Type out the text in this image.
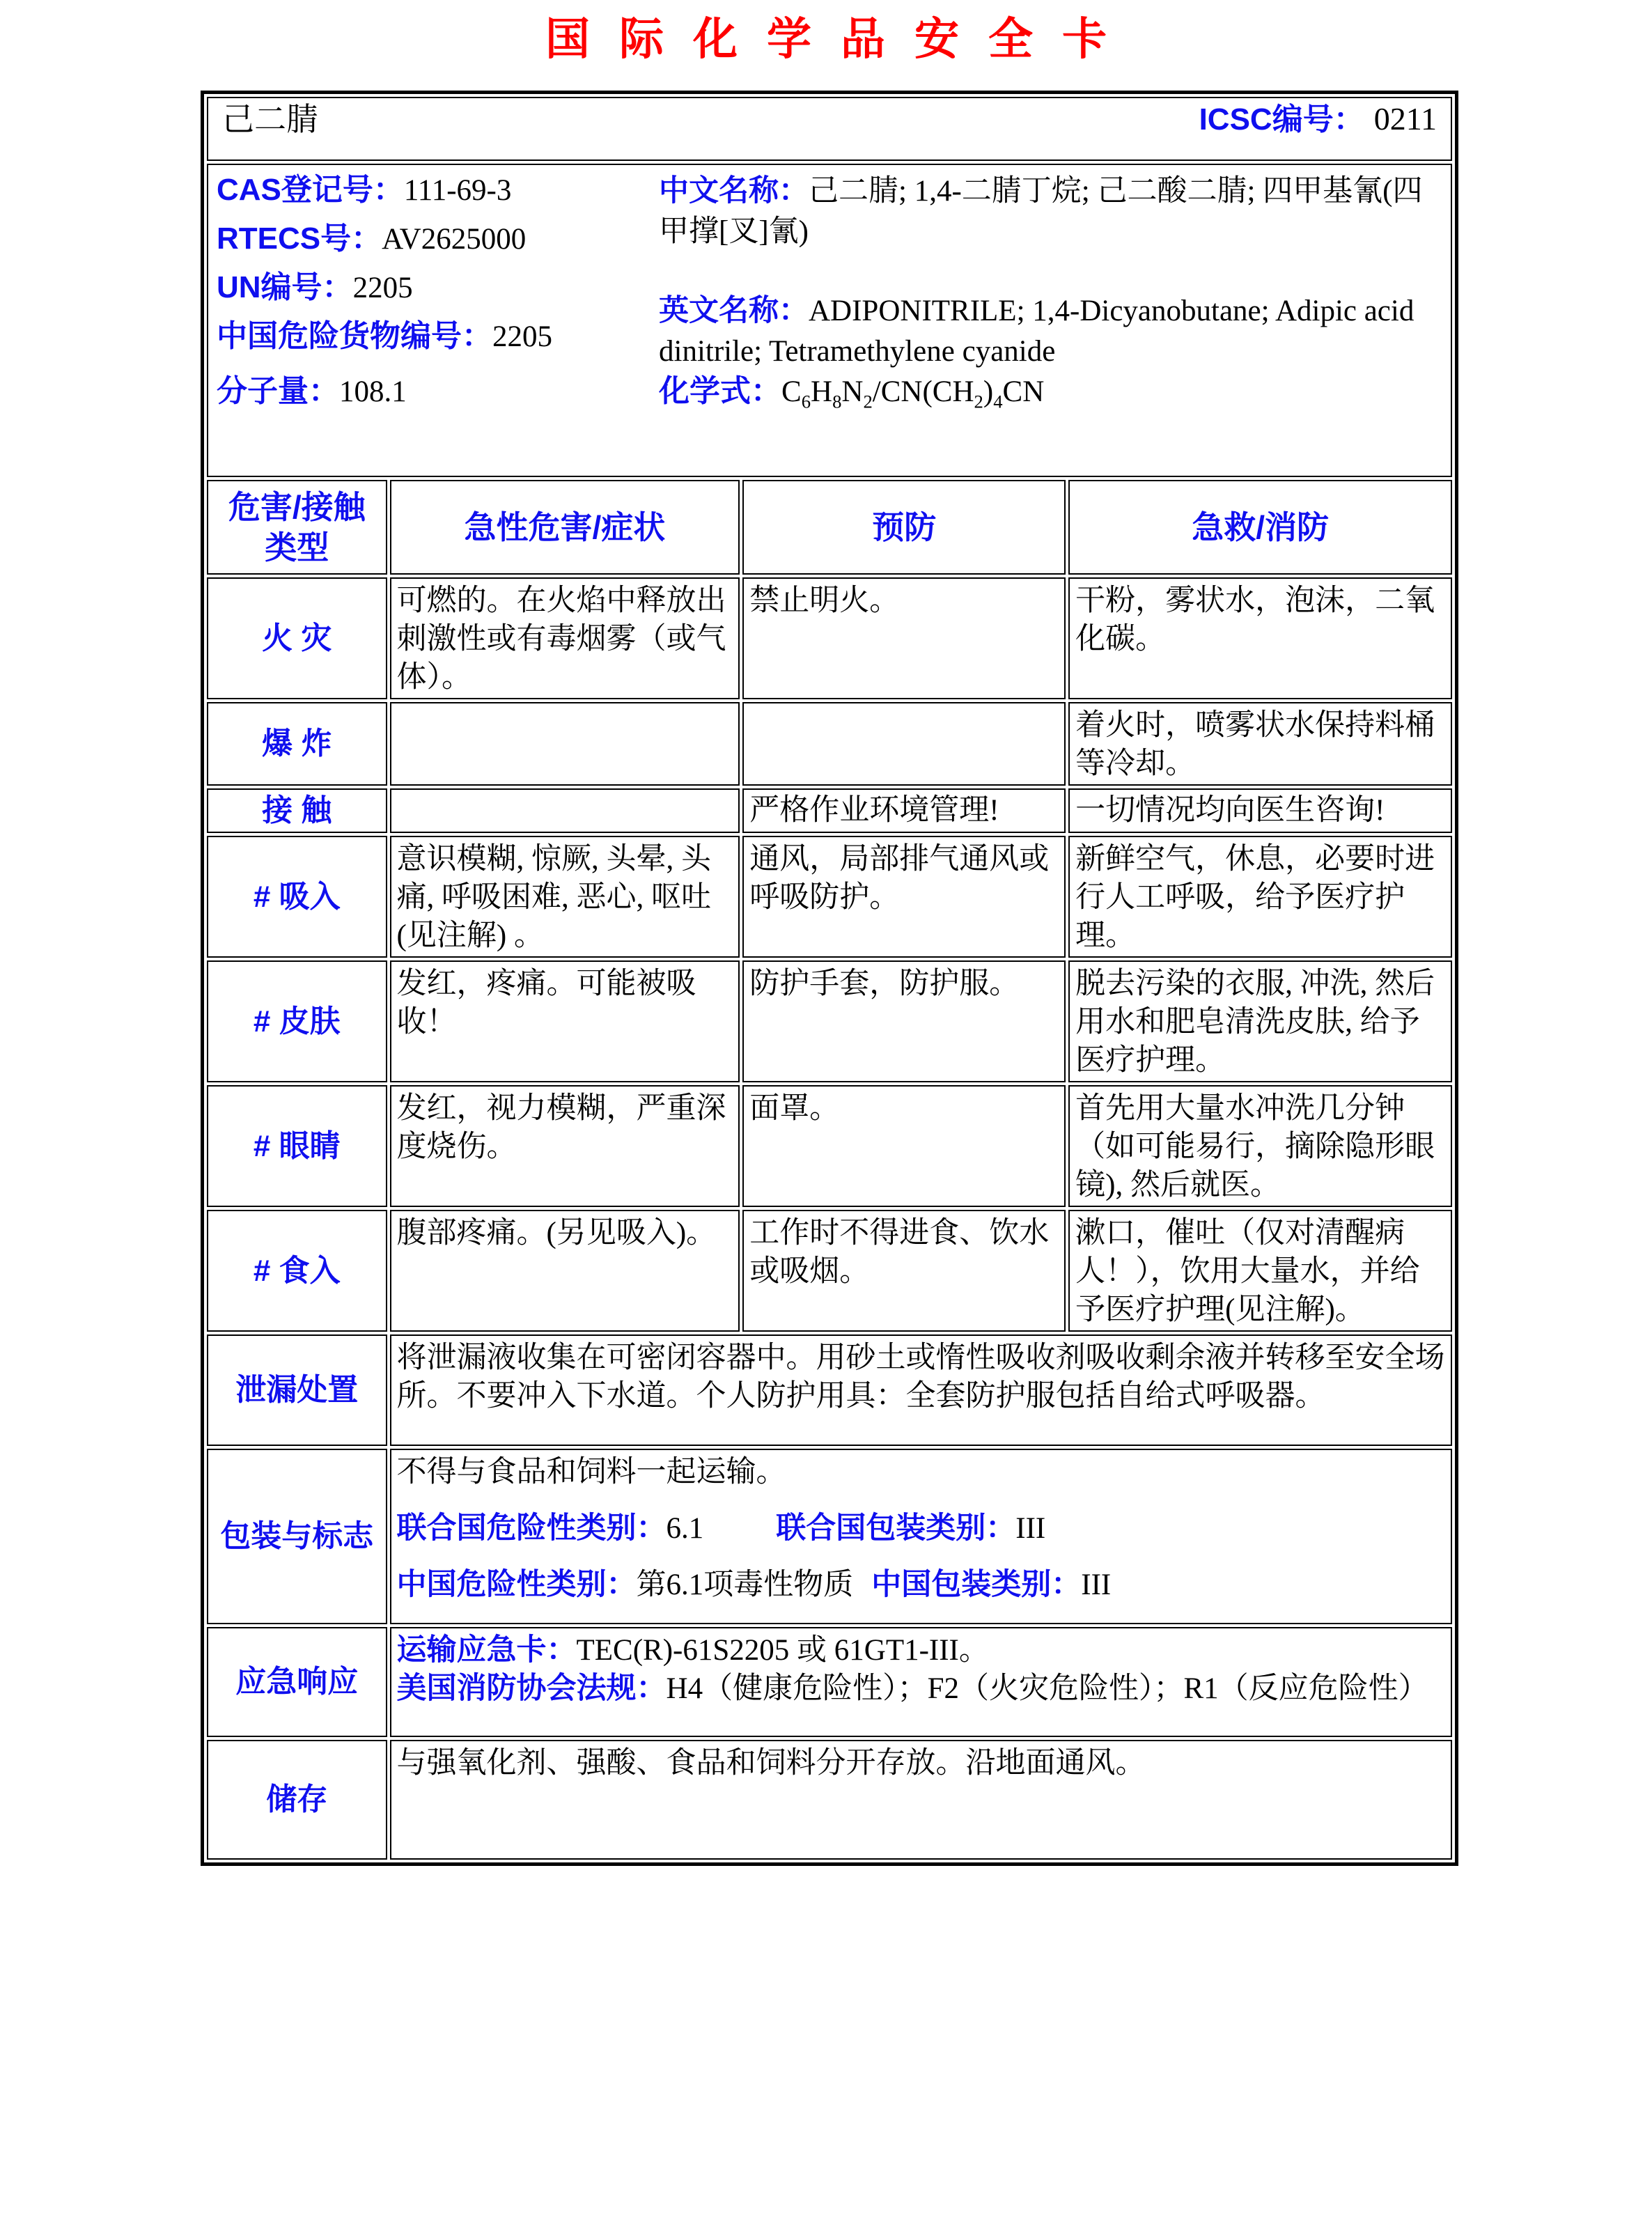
国际化学品安全卡
己二腈 ICSC编号： 0211			

CAS登记号：111-69-3
RTECS号：AV2625000
UN编号：2205
中国危险货物编号：2205
分子量：108.1
中文名称：己二腈; 1,4-二腈丁烷; 己二酸二腈; 四甲基氰(四甲撑[叉]氰)
英文名称：ADIPONITRILE; 1,4-Dicyanobutane; Adipic acid dinitrile; Tetramethylene cyanide
化学式：$C_6H_8N_2/CN(CH_2)_4CN$

危害/接触
类型	急性危害/症状	预防	急救/消防
火 灾	可燃的。在火焰中释放出刺激性或有毒烟雾（或气体）。	禁止明火。	干粉，雾状水，泡沫，二氧化碳。
爆 炸			着火时，喷雾状水保持料桶等冷却。
接 触		严格作业环境管理!	一切情况均向医生咨询!
# 吸入	意识模糊, 惊厥, 头晕, 头痛, 呼吸困难, 恶心, 呕吐(见注解) 。	通风，局部排气通风或呼吸防护。	新鲜空气，休息，必要时进行人工呼吸，给予医疗护理。
# 皮肤	发红，疼痛。可能被吸收！	防护手套，防护服。	脱去污染的衣服, 冲洗, 然后用水和肥皂清洗皮肤, 给予医疗护理。
# 眼睛	发红，视力模糊，严重深度烧伤。	面罩。	首先用大量水冲洗几分钟（如可能易行，摘除隐形眼镜), 然后就医。
# 食入	腹部疼痛。(另见吸入)。	工作时不得进食、饮水或吸烟。	漱口，催吐（仅对清醒病人！），饮用大量水，并给予医疗护理(见注解)。
泄漏处置	将泄漏液收集在可密闭容器中。用砂土或惰性吸收剂吸收剩余液并转移至安全场所。不要冲入下水道。个人防护用具：全套防护服包括自给式呼吸器。		
包装与标志	不得与食品和饲料一起运输。
联合国危险性类别：6.1 联合国包装类别：III
中国危险性类别：第6.1项毒性物质 中国包装类别：III		

应急响应	运输应急卡：TEC(R)-61S2205 或 61GT1-III。
美国消防协会法规：H4（健康危险性）；F2（火灾危险性）；R1（反应危险性）		

储存	与强氧化剂、强酸、食品和饲料分开存放。沿地面通风。		
